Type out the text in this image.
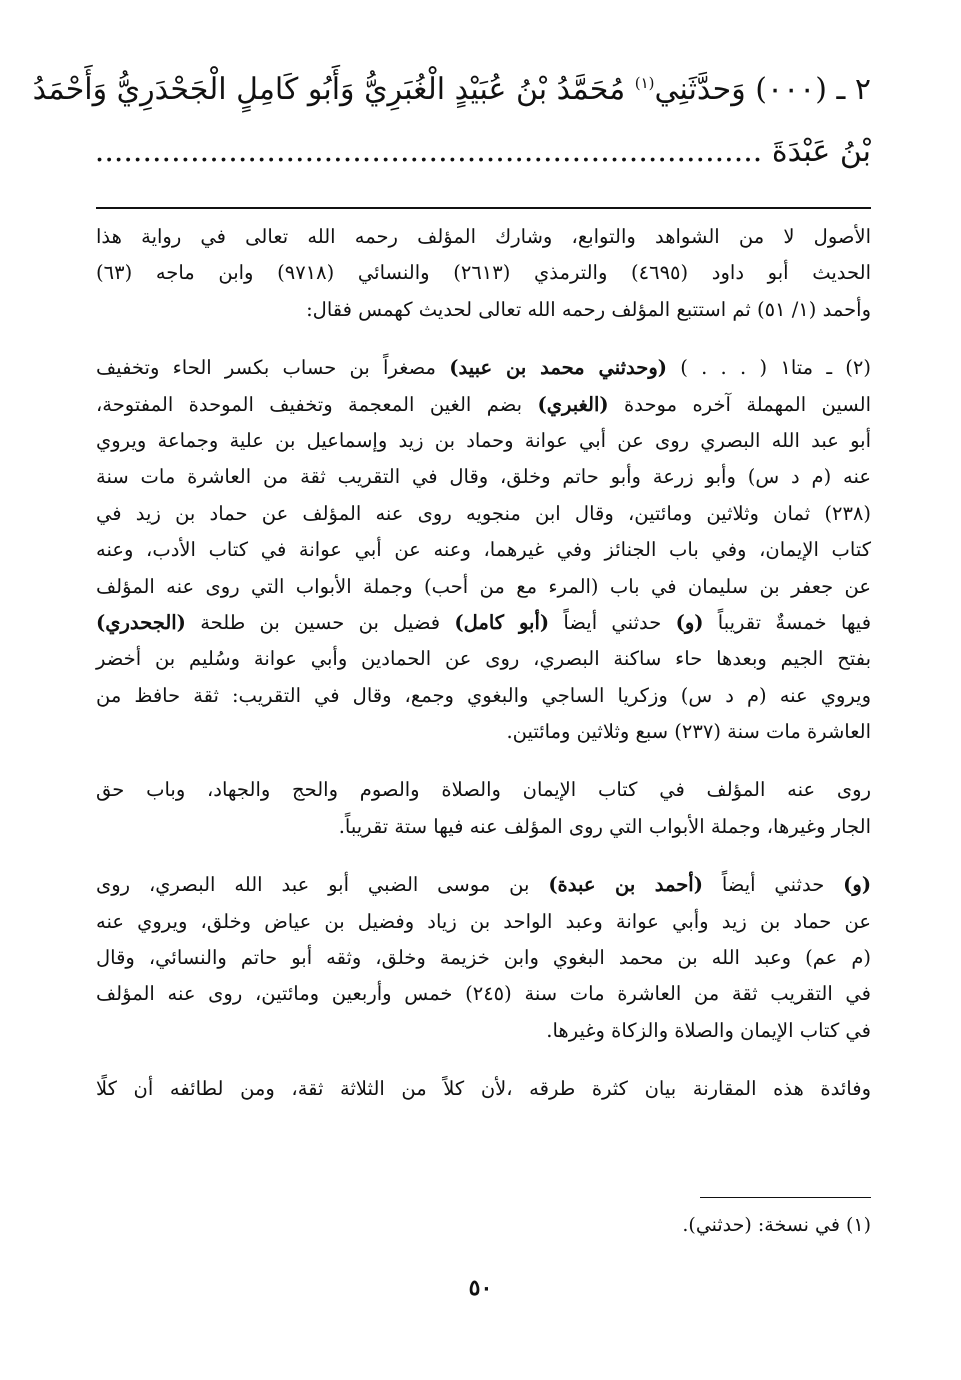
٢ ـ (٠٠٠) وَحدَّثَنِي$^{(١)}$ مُحَمَّدُ بْنُ عُبَيْدٍ الْغُبَرِيُّ وَأَبُو كَامِلٍ الْجَحْدَرِيُّ وَأَحْمَدُ
بْنُ عَبْدَةَ ......................................................................
الأصول لا من الشواهد والتوابع، وشارك المؤلف رحمه الله تعالى في رواية هذا
الحديث أبو داود (٤٦٩٥) والترمذي (٢٦١٣) والنسائي (٩٧١٨) وابن ماجه (٦٣)
وأحمد (١/ ٥١) ثم استتبع المؤلف رحمه الله تعالى لحديث كهمس فقال:
(٢) ـ متا١ ( . . . ) (وحدثني محمد بن عبيد) مصغراً بن حساب بكسر الحاء وتخفيف
السين المهملة آخره موحدة (الغبري) بضم الغين المعجمة وتخفيف الموحدة المفتوحة،
أبو عبد الله البصري روى عن أبي عوانة وحماد بن زيد وإسماعيل بن علية وجماعة ويروي
عنه (م د س) وأبو زرعة وأبو حاتم وخلق، وقال في التقريب ثقة من العاشرة مات سنة
(٢٣٨) ثمان وثلاثين ومائتين، وقال ابن منجويه روى عنه المؤلف عن حماد بن زيد في
كتاب الإيمان، وفي باب الجنائز وفي غيرهما، وعنه عن أبي عوانة في كتاب الأدب، وعنه
عن جعفر بن سليمان في باب (المرء مع من أحب) وجملة الأبواب التي روى عنه المؤلف
فيها خمسةٌ تقريباً (و) حدثني أيضاً (أبو كامل) فضيل بن حسين بن طلحة (الجحدري)
بفتح الجيم وبعدها حاء ساكنة البصري، روى عن الحمادين وأبي عوانة وسُليم بن أخضر
ويروي عنه (م د س) وزكريا الساجي والبغوي وجمع، وقال في التقريب: ثقة حافظ من
العاشرة مات سنة (٢٣٧) سبع وثلاثين ومائتين.
روى عنه المؤلف في كتاب الإيمان والصلاة والصوم والحج والجهاد، وباب حق
الجار وغيرها، وجملة الأبواب التي روى المؤلف عنه فيها ستة تقريباً.
(و) حدثني أيضاً (أحمد بن عبدة) بن موسى الضبي أبو عبد الله البصري، روى
عن حماد بن زيد وأبي عوانة وعبد الواحد بن زياد وفضيل بن عياض وخلق، ويروي عنه
(م عم) وعبد الله بن محمد البغوي وابن خزيمة وخلق، وثقه أبو حاتم والنسائي، وقال
في التقريب ثقة من العاشرة مات سنة (٢٤٥) خمس وأربعين ومائتين، روى عنه المؤلف
في كتاب الإيمان والصلاة والزكاة وغيرها.
وفائدة هذه المقارنة بيان كثرة طرقه ،لأن كلاً من الثلاثة ثقة، ومن لطائفه أن كلًا
(١) في نسخة: (حدثني).
٥٠
